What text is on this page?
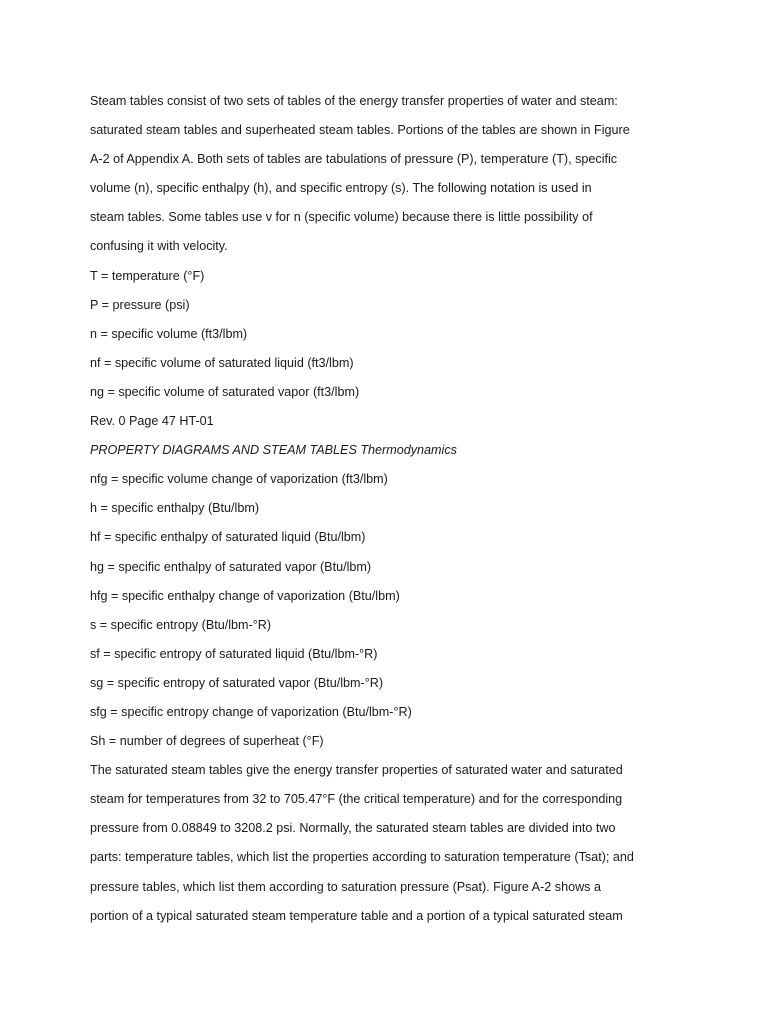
Steam tables consist of two sets of tables of the energy transfer properties of water and steam:
saturated steam tables and superheated steam tables. Portions of the tables are shown in Figure
A-2 of Appendix A. Both sets of tables are tabulations of pressure (P), temperature (T), specific
volume (n), specific enthalpy (h), and specific entropy (s). The following notation is used in
steam tables. Some tables use v for n (specific volume) because there is little possibility of
confusing it with velocity.
T = temperature (°F)
P = pressure (psi)
n = specific volume (ft3/lbm)
nf = specific volume of saturated liquid (ft3/lbm)
ng = specific volume of saturated vapor (ft3/lbm)
Rev. 0 Page 47 HT-01
PROPERTY DIAGRAMS AND STEAM TABLES Thermodynamics
nfg = specific volume change of vaporization (ft3/lbm)
h = specific enthalpy (Btu/lbm)
hf = specific enthalpy of saturated liquid (Btu/lbm)
hg = specific enthalpy of saturated vapor (Btu/lbm)
hfg = specific enthalpy change of vaporization (Btu/lbm)
s = specific entropy (Btu/lbm-°R)
sf = specific entropy of saturated liquid (Btu/lbm-°R)
sg = specific entropy of saturated vapor (Btu/lbm-°R)
sfg = specific entropy change of vaporization (Btu/lbm-°R)
Sh = number of degrees of superheat (°F)
The saturated steam tables give the energy transfer properties of saturated water and saturated
steam for temperatures from 32 to 705.47°F (the critical temperature) and for the corresponding
pressure from 0.08849 to 3208.2 psi. Normally, the saturated steam tables are divided into two
parts: temperature tables, which list the properties according to saturation temperature (Tsat); and
pressure tables, which list them according to saturation pressure (Psat). Figure A-2 shows a
portion of a typical saturated steam temperature table and a portion of a typical saturated steam
